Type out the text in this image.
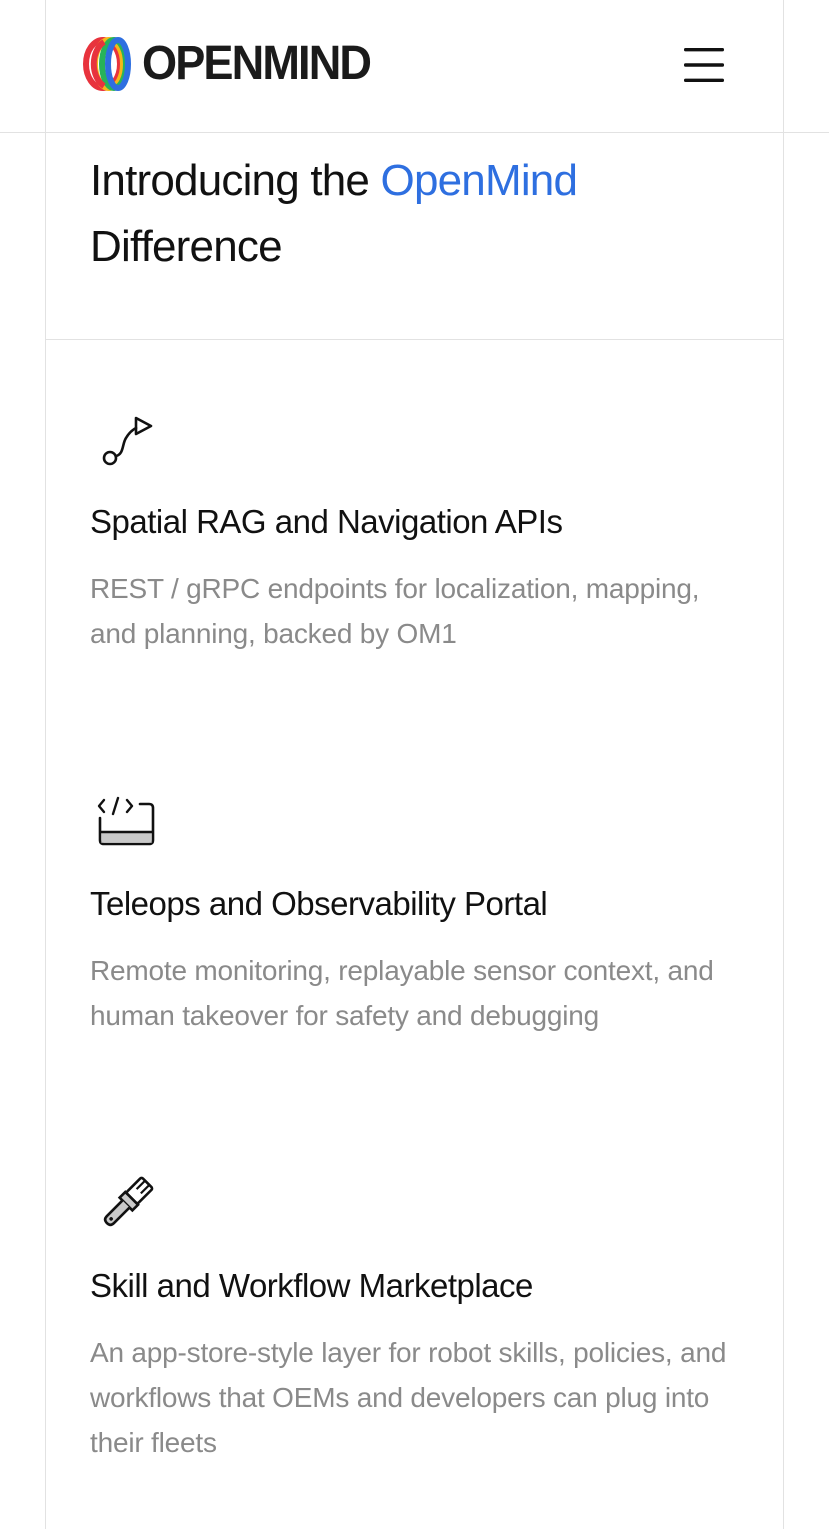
OPENMIND
Introducing the OpenMind
Difference
Spatial RAG and Navigation APIs

REST / gRPC endpoints for localization, mapping, and planning, backed by OM1

Teleops and Observability Portal

Remote monitoring, replayable sensor context, and human takeover for safety and debugging

Skill and Workflow Marketplace

An app-store-style layer for robot skills, policies, and workflows that OEMs and developers can plug into their fleets
